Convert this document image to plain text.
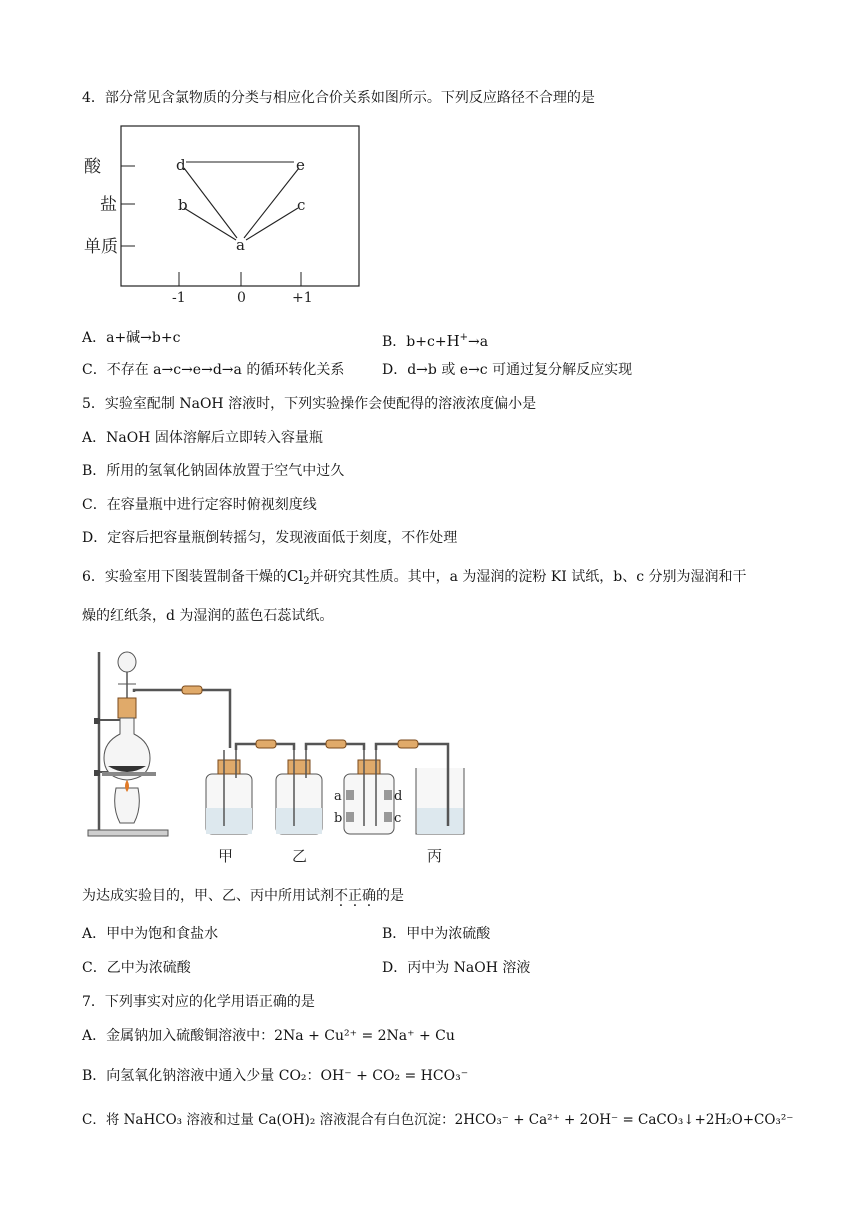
4．部分常见含氯物质的分类与相应化合价关系如图所示。下列反应路径不合理的是
酸
盐
单质
-1	0	+1
d	e
b	c
a
A．a+碱→b+c	B．b+c+H+→a
C．不存在 a→c→e→d→a 的循环转化关系	D．d→b 或 e→c 可通过复分解反应实现
5．实验室配制 NaOH 溶液时，下列实验操作会使配得的溶液浓度偏小是
A．NaOH 固体溶解后立即转入容量瓶
B．所用的氢氧化钠固体放置于空气中过久
C．在容量瓶中进行定容时俯视刻度线
D．定容后把容量瓶倒转摇匀，发现液面低于刻度，不作处理
6．实验室用下图装置制备干燥的$Cl_2$并研究其性质。其中，a 为湿润的淀粉 KI 试纸，b、c 分别为湿润和干
燥的红纸条，d 为湿润的蓝色石蕊试纸。
a
b
d
c
甲	乙	丙
为达成实验目的，甲、乙、丙中所用试剂不正确的是
A．甲中为饱和食盐水	B．甲中为浓硫酸
C．乙中为浓硫酸	D．丙中为 NaOH 溶液
7．下列事实对应的化学用语正确的是
A．金属钠加入硫酸铜溶液中：2Na + Cu²⁺ = 2Na⁺ + Cu
B．向氢氧化钠溶液中通入少量 CO₂：OH⁻ + CO₂ = HCO₃⁻
C．将 NaHCO₃ 溶液和过量 Ca(OH)₂ 溶液混合有白色沉淀：2HCO₃⁻ + Ca²⁺ + 2OH⁻ = CaCO₃↓+2H₂O+CO₃²⁻
